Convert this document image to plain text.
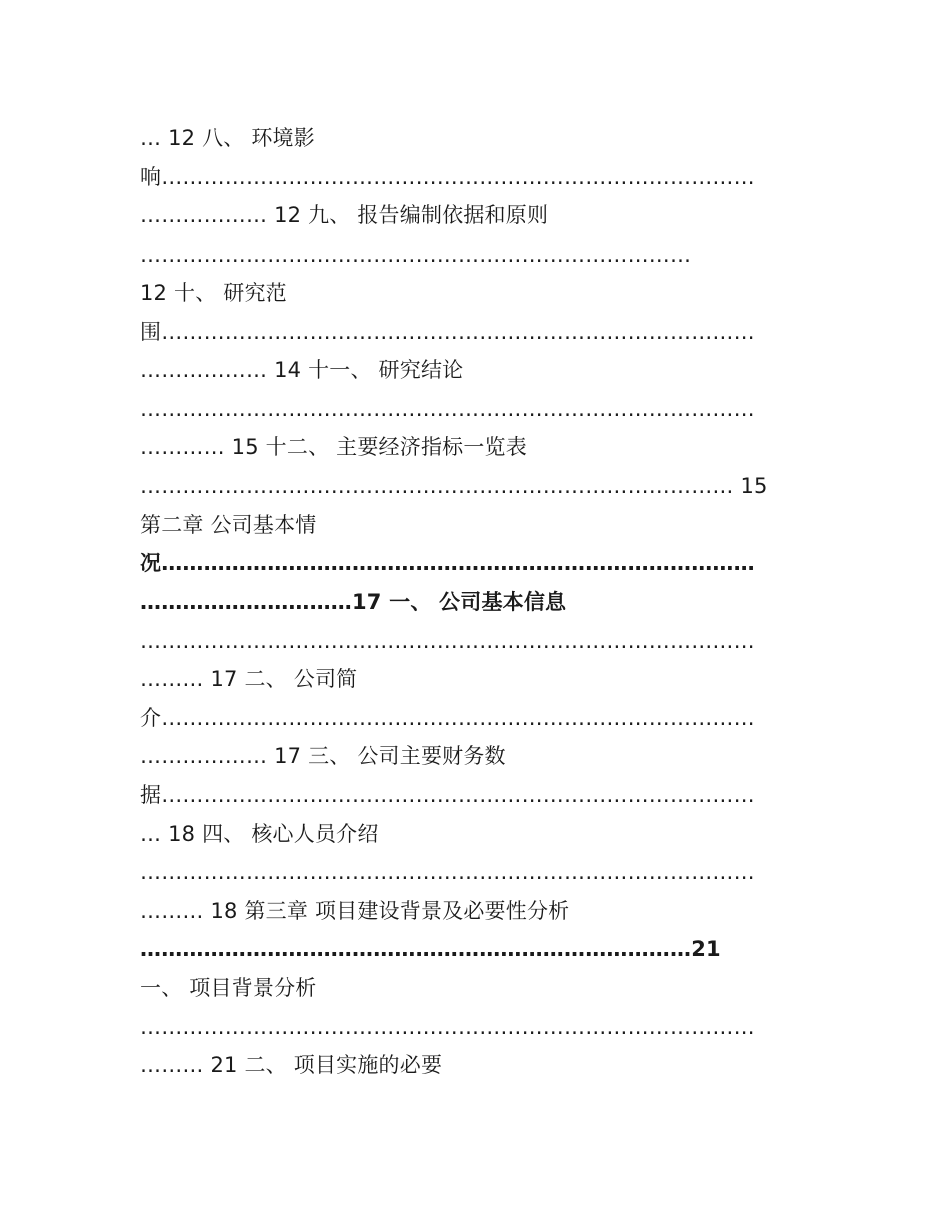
… 12 八、 环境影
响…………………………………………………………………………
……………… 12 九、 报告编制依据和原则
……………………………………………………………………
12 十、 研究范
围…………………………………………………………………………
……………… 14 十一、 研究结论
……………………………………………………………………………
………… 15 十二、 主要经济指标一览表
………………………………………………………………………… 15
第二章 公司基本情
况…………………………………………………………………………
…………………………17 一、 公司基本信息
……………………………………………………………………………
……… 17 二、 公司简
介…………………………………………………………………………
……………… 17 三、 公司主要财务数
据…………………………………………………………………………
… 18 四、 核心人员介绍
……………………………………………………………………………
……… 18 第三章 项目建设背景及必要性分析
……………………………………………………………………21
一、 项目背景分析
……………………………………………………………………………
……… 21 二、 项目实施的必要
